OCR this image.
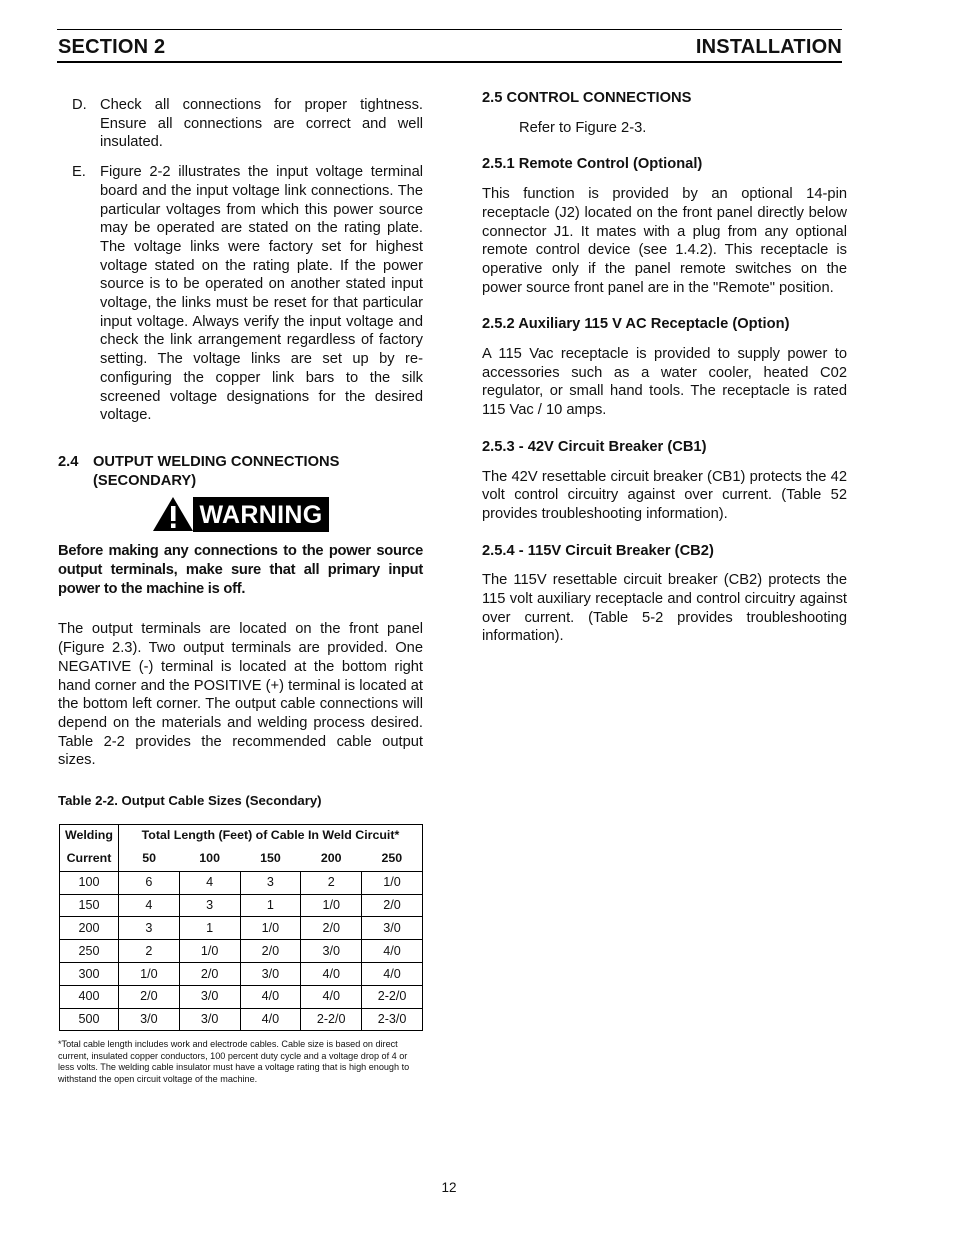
SECTION 2	INSTALLATION
D. Check all connections for proper tightness. Ensure all connections are correct and well insulated.
E. Figure 2-2 illustrates the input voltage terminal board and the input voltage link connections. The particular voltages from which this power source may be operated are stated on the rating plate. The voltage links were factory set for highest voltage stated on the rating plate. If the power source is to be operated on another stated input voltage, the links must be reset for that particular input voltage. Always verify the input voltage and check the link arrangement regardless of factory setting. The voltage links are set up by re-configuring the copper link bars to the silk screened voltage designations for the desired voltage.
2.4 OUTPUT WELDING CONNECTIONS
(SECONDARY)
WARNING
Before making any connections to the power source output terminals, make sure that all primary input power to the machine is off.
The output terminals are located on the front panel (Figure 2.3). Two output terminals are provided. One NEGATIVE (-) terminal is located at the bottom right hand corner and the POSITIVE (+) terminal is located at the bottom left corner. The output cable connections will depend on the materials and welding process desired. Table 2-2 provides the recommended cable output sizes.
Table 2-2. Output Cable Sizes (Secondary)
Welding	Total Length (Feet) of Cable In Weld Circuit*				
Current	50	100	150	200	250
100	6	4	3	2	1/0
150	4	3	1	1/0	2/0
200	3	1	1/0	2/0	3/0
250	2	1/0	2/0	3/0	4/0
300	1/0	2/0	3/0	4/0	4/0
400	2/0	3/0	4/0	4/0	2-2/0
500	3/0	3/0	4/0	2-2/0	2-3/0
*Total cable length includes work and electrode cables. Cable size is based on direct current, insulated copper conductors, 100 percent duty cycle and a voltage drop of 4 or less volts. The welding cable insulator must have a voltage rating that is high enough to withstand the open circuit voltage of the machine.
2.5 CONTROL CONNECTIONS
Refer to Figure 2-3.
2.5.1 Remote Control (Optional)
This function is provided by an optional 14-pin receptacle (J2) located on the front panel directly below connector J1. It mates with a plug from any optional remote control device (see 1.4.2). This receptacle is operative only if the panel remote switches on the power source front panel are in the "Remote" position.
2.5.2 Auxiliary 115 V AC Receptacle (Option)
A 115 Vac receptacle is provided to supply power to accessories such as a water cooler, heated C02 regulator, or small hand tools. The receptacle is rated 115 Vac / 10 amps.
2.5.3 - 42V Circuit Breaker (CB1)
The 42V resettable circuit breaker (CB1) protects the 42 volt control circuitry against over current. (Table 52 provides troubleshooting information).
2.5.4 - 115V Circuit Breaker (CB2)
The 115V resettable circuit breaker (CB2) protects the 115 volt auxiliary receptacle and control circuitry against over current. (Table 5-2 provides troubleshooting information).
12
